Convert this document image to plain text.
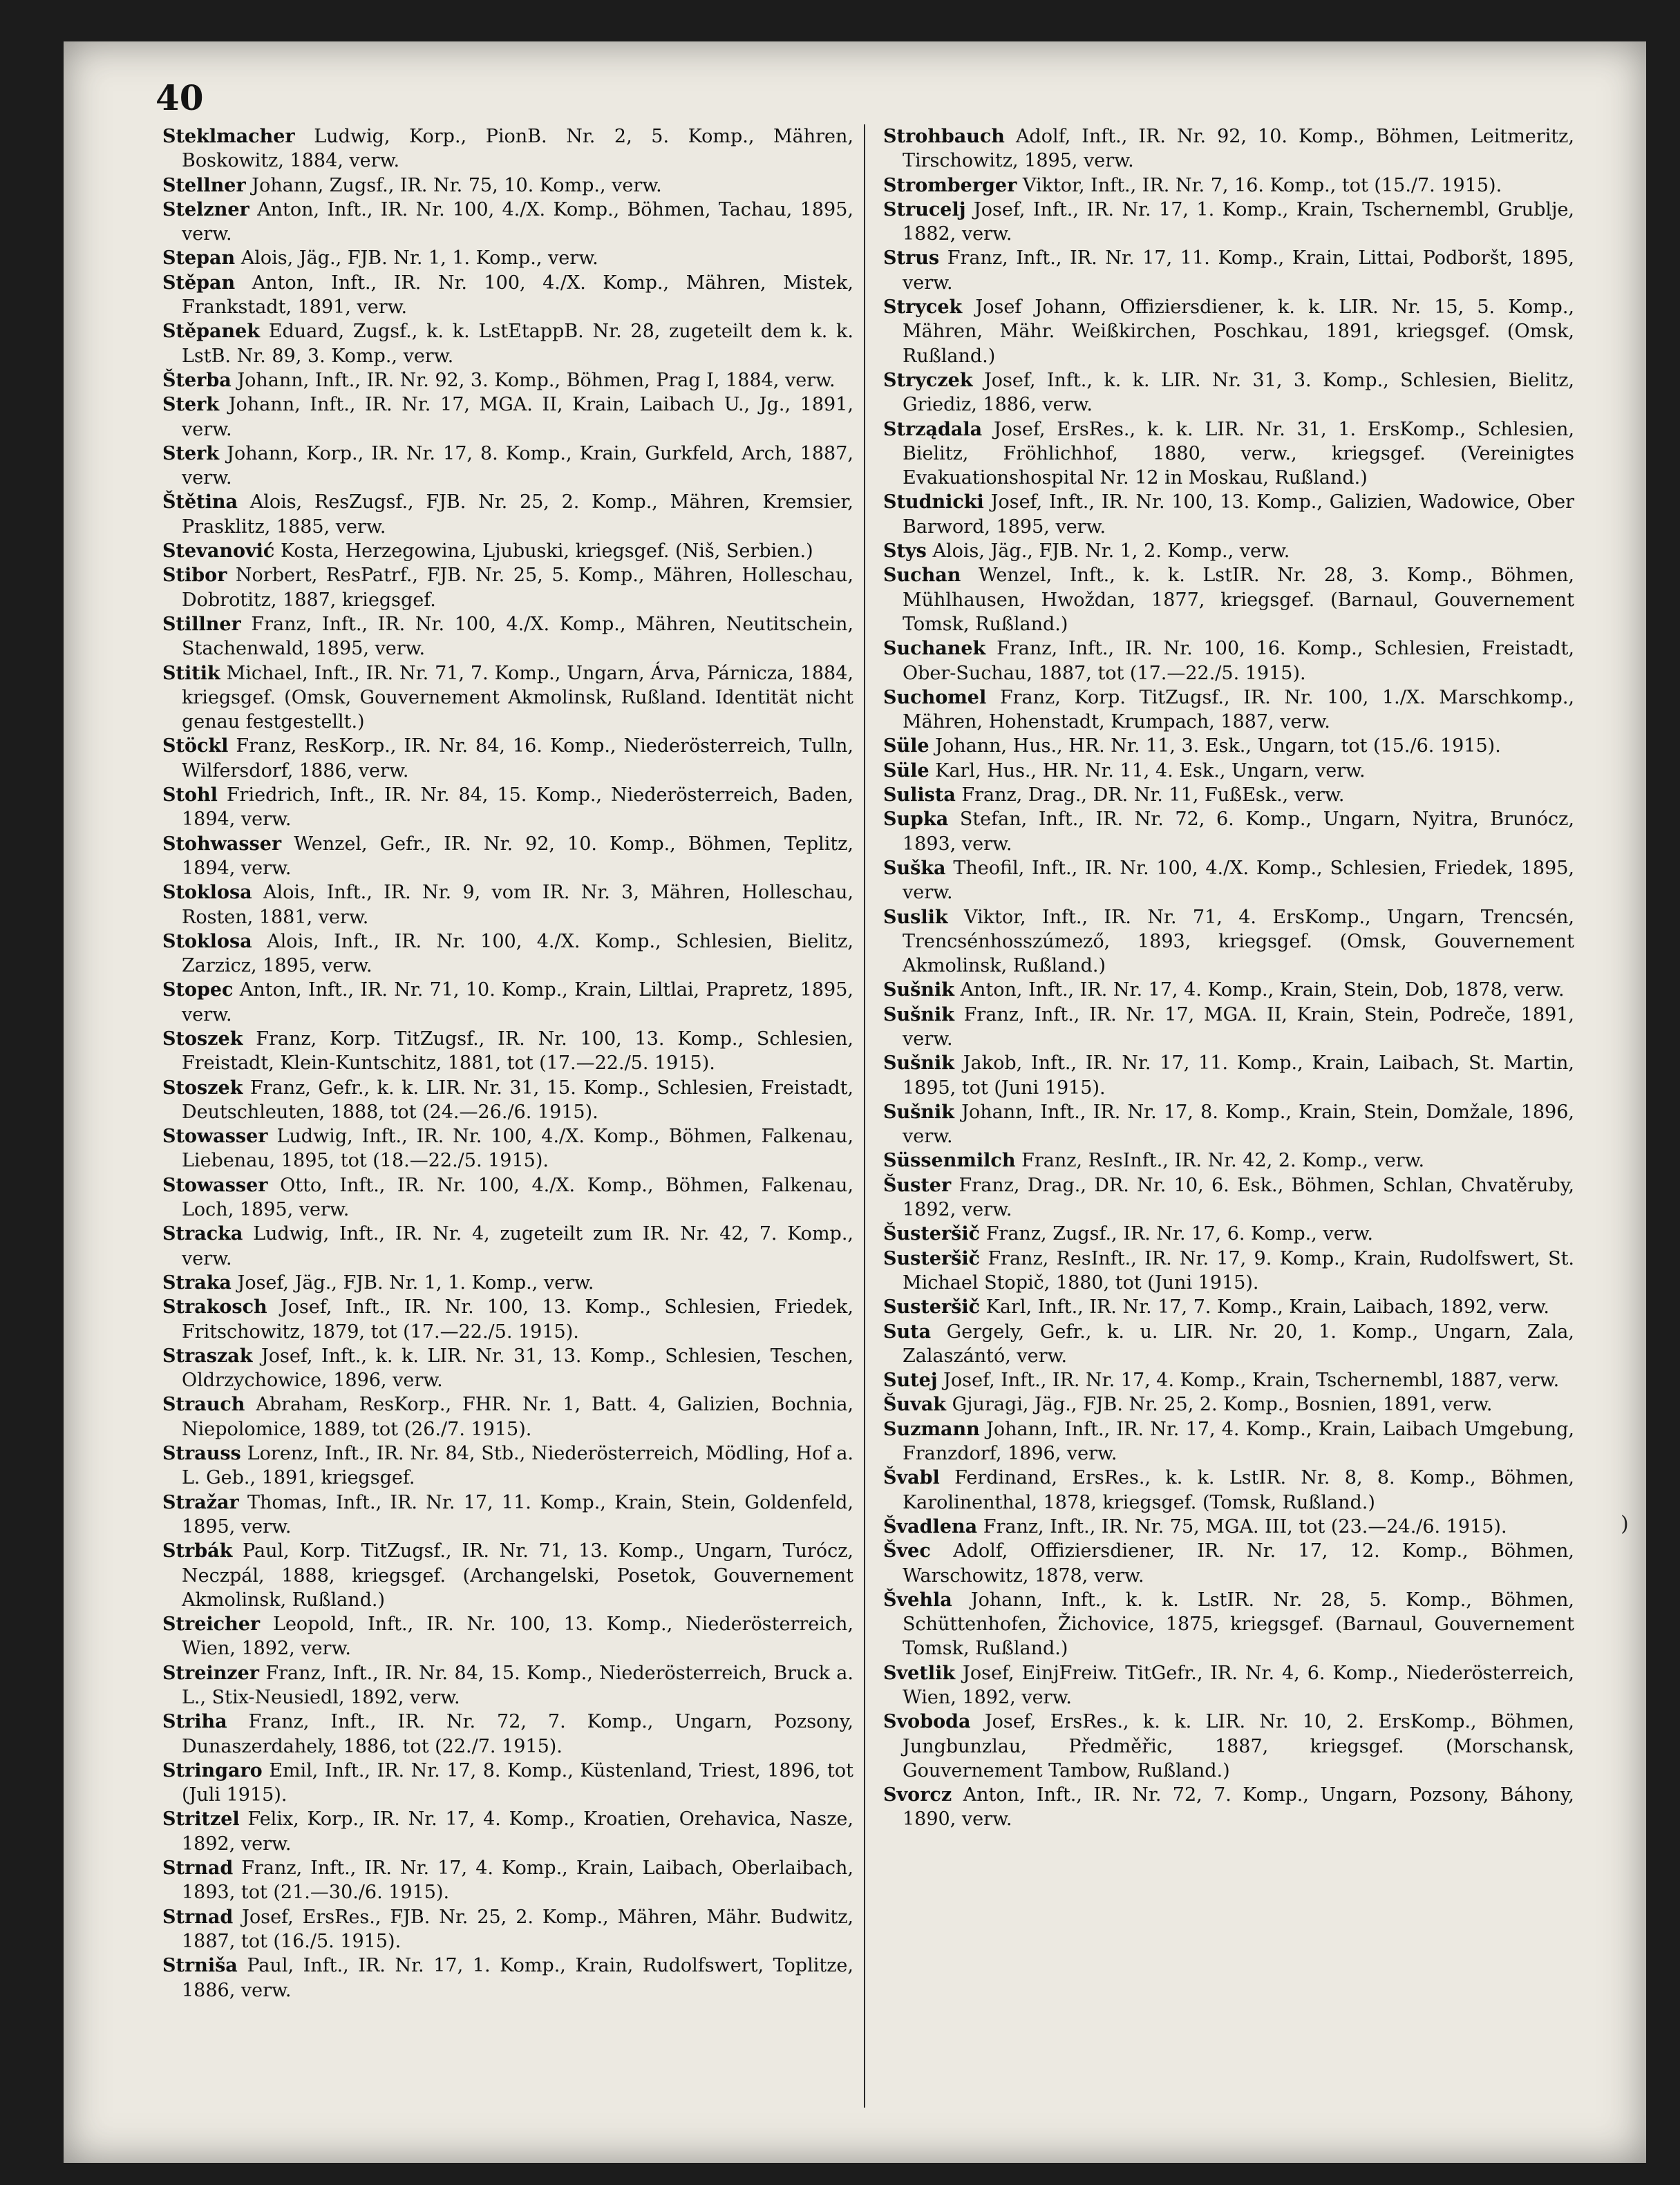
40

Steklmacher Ludwig, Korp., PionB. Nr. 2, 5. Komp., Mähren, Boskowitz, 1884, verw.
Stellner Johann, Zugsf., IR. Nr. 75, 10. Komp., verw.
Stelzner Anton, Inft., IR. Nr. 100, 4./X. Komp., Böhmen, Tachau, 1895, verw.
Stepan Alois, Jäg., FJB. Nr. 1, 1. Komp., verw.
Stěpan Anton, Inft., IR. Nr. 100, 4./X. Komp., Mähren, Mistek, Frankstadt, 1891, verw.
Stěpanek Eduard, Zugsf., k. k. LstEtappB. Nr. 28, zugeteilt dem k. k. LstB. Nr. 89, 3. Komp., verw.
Šterba Johann, Inft., IR. Nr. 92, 3. Komp., Böhmen, Prag I, 1884, verw.
Sterk Johann, Inft., IR. Nr. 17, MGA. II, Krain, Laibach U., Jg., 1891, verw.
Sterk Johann, Korp., IR. Nr. 17, 8. Komp., Krain, Gurkfeld, Arch, 1887, verw.
Štětina Alois, ResZugsf., FJB. Nr. 25, 2. Komp., Mähren, Kremsier, Prasklitz, 1885, verw.
Stevanović Kosta, Herzegowina, Ljubuski, kriegsgef. (Niš, Serbien.)
Stibor Norbert, ResPatrf., FJB. Nr. 25, 5. Komp., Mähren, Holleschau, Dobrotitz, 1887, kriegsgef.
Stillner Franz, Inft., IR. Nr. 100, 4./X. Komp., Mähren, Neutitschein, Stachenwald, 1895, verw.
Stitik Michael, Inft., IR. Nr. 71, 7. Komp., Ungarn, Árva, Párnicza, 1884, kriegsgef. (Omsk, Gouvernement Akmolinsk, Rußland. Identität nicht genau festgestellt.)
Stöckl Franz, ResKorp., IR. Nr. 84, 16. Komp., Niederösterreich, Tulln, Wilfersdorf, 1886, verw.
Stohl Friedrich, Inft., IR. Nr. 84, 15. Komp., Niederösterreich, Baden, 1894, verw.
Stohwasser Wenzel, Gefr., IR. Nr. 92, 10. Komp., Böhmen, Teplitz, 1894, verw.
Stoklosa Alois, Inft., IR. Nr. 9, vom IR. Nr. 3, Mähren, Holleschau, Rosten, 1881, verw.
Stoklosa Alois, Inft., IR. Nr. 100, 4./X. Komp., Schlesien, Bielitz, Zarzicz, 1895, verw.
Stopec Anton, Inft., IR. Nr. 71, 10. Komp., Krain, Liltlai, Prapretz, 1895, verw.
Stoszek Franz, Korp. TitZugsf., IR. Nr. 100, 13. Komp., Schlesien, Freistadt, Klein-Kuntschitz, 1881, tot (17.—22./5. 1915).
Stoszek Franz, Gefr., k. k. LIR. Nr. 31, 15. Komp., Schlesien, Freistadt, Deutschleuten, 1888, tot (24.—26./6. 1915).
Stowasser Ludwig, Inft., IR. Nr. 100, 4./X. Komp., Böhmen, Falkenau, Liebenau, 1895, tot (18.—22./5. 1915).
Stowasser Otto, Inft., IR. Nr. 100, 4./X. Komp., Böhmen, Falkenau, Loch, 1895, verw.
Stracka Ludwig, Inft., IR. Nr. 4, zugeteilt zum IR. Nr. 42, 7. Komp., verw.
Straka Josef, Jäg., FJB. Nr. 1, 1. Komp., verw.
Strakosch Josef, Inft., IR. Nr. 100, 13. Komp., Schlesien, Friedek, Fritschowitz, 1879, tot (17.—22./5. 1915).
Straszak Josef, Inft., k. k. LIR. Nr. 31, 13. Komp., Schlesien, Teschen, Oldrzychowice, 1896, verw.
Strauch Abraham, ResKorp., FHR. Nr. 1, Batt. 4, Galizien, Bochnia, Niepolomice, 1889, tot (26./7. 1915).
Strauss Lorenz, Inft., IR. Nr. 84, Stb., Niederösterreich, Mödling, Hof a. L. Geb., 1891, kriegsgef.
Stražar Thomas, Inft., IR. Nr. 17, 11. Komp., Krain, Stein, Goldenfeld, 1895, verw.
Strbák Paul, Korp. TitZugsf., IR. Nr. 71, 13. Komp., Ungarn, Turócz, Neczpál, 1888, kriegsgef. (Archangelski, Posetok, Gouvernement Akmolinsk, Rußland.)
Streicher Leopold, Inft., IR. Nr. 100, 13. Komp., Niederösterreich, Wien, 1892, verw.
Streinzer Franz, Inft., IR. Nr. 84, 15. Komp., Niederösterreich, Bruck a. L., Stix-Neusiedl, 1892, verw.
Striha Franz, Inft., IR. Nr. 72, 7. Komp., Ungarn, Pozsony, Dunaszerdahely, 1886, tot (22./7. 1915).
Stringaro Emil, Inft., IR. Nr. 17, 8. Komp., Küstenland, Triest, 1896, tot (Juli 1915).
Stritzel Felix, Korp., IR. Nr. 17, 4. Komp., Kroatien, Orehavica, Nasze, 1892, verw.
Strnad Franz, Inft., IR. Nr. 17, 4. Komp., Krain, Laibach, Oberlaibach, 1893, tot (21.—30./6. 1915).
Strnad Josef, ErsRes., FJB. Nr. 25, 2. Komp., Mähren, Mähr. Budwitz, 1887, tot (16./5. 1915).
Strniša Paul, Inft., IR. Nr. 17, 1. Komp., Krain, Rudolfswert, Toplitze, 1886, verw.
Strohbauch Adolf, Inft., IR. Nr. 92, 10. Komp., Böhmen, Leitmeritz, Tirschowitz, 1895, verw.
Stromberger Viktor, Inft., IR. Nr. 7, 16. Komp., tot (15./7. 1915).
Strucelj Josef, Inft., IR. Nr. 17, 1. Komp., Krain, Tschernembl, Grublje, 1882, verw.
Strus Franz, Inft., IR. Nr. 17, 11. Komp., Krain, Littai, Podboršt, 1895, verw.
Strycek Josef Johann, Offiziersdiener, k. k. LIR. Nr. 15, 5. Komp., Mähren, Mähr. Weißkirchen, Poschkau, 1891, kriegsgef. (Omsk, Rußland.)
Stryczek Josef, Inft., k. k. LIR. Nr. 31, 3. Komp., Schlesien, Bielitz, Griediz, 1886, verw.
Strządala Josef, ErsRes., k. k. LIR. Nr. 31, 1. ErsKomp., Schlesien, Bielitz, Fröhlichhof, 1880, verw., kriegsgef. (Vereinigtes Evakuationshospital Nr. 12 in Moskau, Rußland.)
Studnicki Josef, Inft., IR. Nr. 100, 13. Komp., Galizien, Wadowice, Ober Barword, 1895, verw.
Stys Alois, Jäg., FJB. Nr. 1, 2. Komp., verw.
Suchan Wenzel, Inft., k. k. LstIR. Nr. 28, 3. Komp., Böhmen, Mühlhausen, Hwoždan, 1877, kriegsgef. (Barnaul, Gouvernement Tomsk, Rußland.)
Suchanek Franz, Inft., IR. Nr. 100, 16. Komp., Schlesien, Freistadt, Ober-Suchau, 1887, tot (17.—22./5. 1915).
Suchomel Franz, Korp. TitZugsf., IR. Nr. 100, 1./X. Marschkomp., Mähren, Hohenstadt, Krumpach, 1887, verw.
Süle Johann, Hus., HR. Nr. 11, 3. Esk., Ungarn, tot (15./6. 1915).
Süle Karl, Hus., HR. Nr. 11, 4. Esk., Ungarn, verw.
Sulista Franz, Drag., DR. Nr. 11, FußEsk., verw.
Supka Stefan, Inft., IR. Nr. 72, 6. Komp., Ungarn, Nyitra, Brunócz, 1893, verw.
Suška Theofil, Inft., IR. Nr. 100, 4./X. Komp., Schlesien, Friedek, 1895, verw.
Suslik Viktor, Inft., IR. Nr. 71, 4. ErsKomp., Ungarn, Trencsén, Trencsénhosszúmező, 1893, kriegsgef. (Omsk, Gouvernement Akmolinsk, Rußland.)
Sušnik Anton, Inft., IR. Nr. 17, 4. Komp., Krain, Stein, Dob, 1878, verw.
Sušnik Franz, Inft., IR. Nr. 17, MGA. II, Krain, Stein, Podreče, 1891, verw.
Sušnik Jakob, Inft., IR. Nr. 17, 11. Komp., Krain, Laibach, St. Martin, 1895, tot (Juni 1915).
Sušnik Johann, Inft., IR. Nr. 17, 8. Komp., Krain, Stein, Domžale, 1896, verw.
Süssenmilch Franz, ResInft., IR. Nr. 42, 2. Komp., verw.
Šuster Franz, Drag., DR. Nr. 10, 6. Esk., Böhmen, Schlan, Chvatěruby, 1892, verw.
Šusteršič Franz, Zugsf., IR. Nr. 17, 6. Komp., verw.
Susteršič Franz, ResInft., IR. Nr. 17, 9. Komp., Krain, Rudolfswert, St. Michael Stopič, 1880, tot (Juni 1915).
Susteršič Karl, Inft., IR. Nr. 17, 7. Komp., Krain, Laibach, 1892, verw.
Suta Gergely, Gefr., k. u. LIR. Nr. 20, 1. Komp., Ungarn, Zala, Zalaszántó, verw.
Sutej Josef, Inft., IR. Nr. 17, 4. Komp., Krain, Tschernembl, 1887, verw.
Šuvak Gjuragi, Jäg., FJB. Nr. 25, 2. Komp., Bosnien, 1891, verw.
Suzmann Johann, Inft., IR. Nr. 17, 4. Komp., Krain, Laibach Umgebung, Franzdorf, 1896, verw.
Švabl Ferdinand, ErsRes., k. k. LstIR. Nr. 8, 8. Komp., Böhmen, Karolinenthal, 1878, kriegsgef. (Tomsk, Rußland.)
Švadlena Franz, Inft., IR. Nr. 75, MGA. III, tot (23.—24./6. 1915).
Švec Adolf, Offiziersdiener, IR. Nr. 17, 12. Komp., Böhmen, Warschowitz, 1878, verw.
Švehla Johann, Inft., k. k. LstIR. Nr. 28, 5. Komp., Böhmen, Schüttenhofen, Žichovice, 1875, kriegsgef. (Barnaul, Gouvernement Tomsk, Rußland.)
Svetlik Josef, EinjFreiw. TitGefr., IR. Nr. 4, 6. Komp., Niederösterreich, Wien, 1892, verw.
Svoboda Josef, ErsRes., k. k. LIR. Nr. 10, 2. ErsKomp., Böhmen, Jungbunzlau, Předměřic, 1887, kriegsgef. (Morschansk, Gouvernement Tambow, Rußland.)
Svorcz Anton, Inft., IR. Nr. 72, 7. Komp., Ungarn, Pozsony, Báhony, 1890, verw.
)
